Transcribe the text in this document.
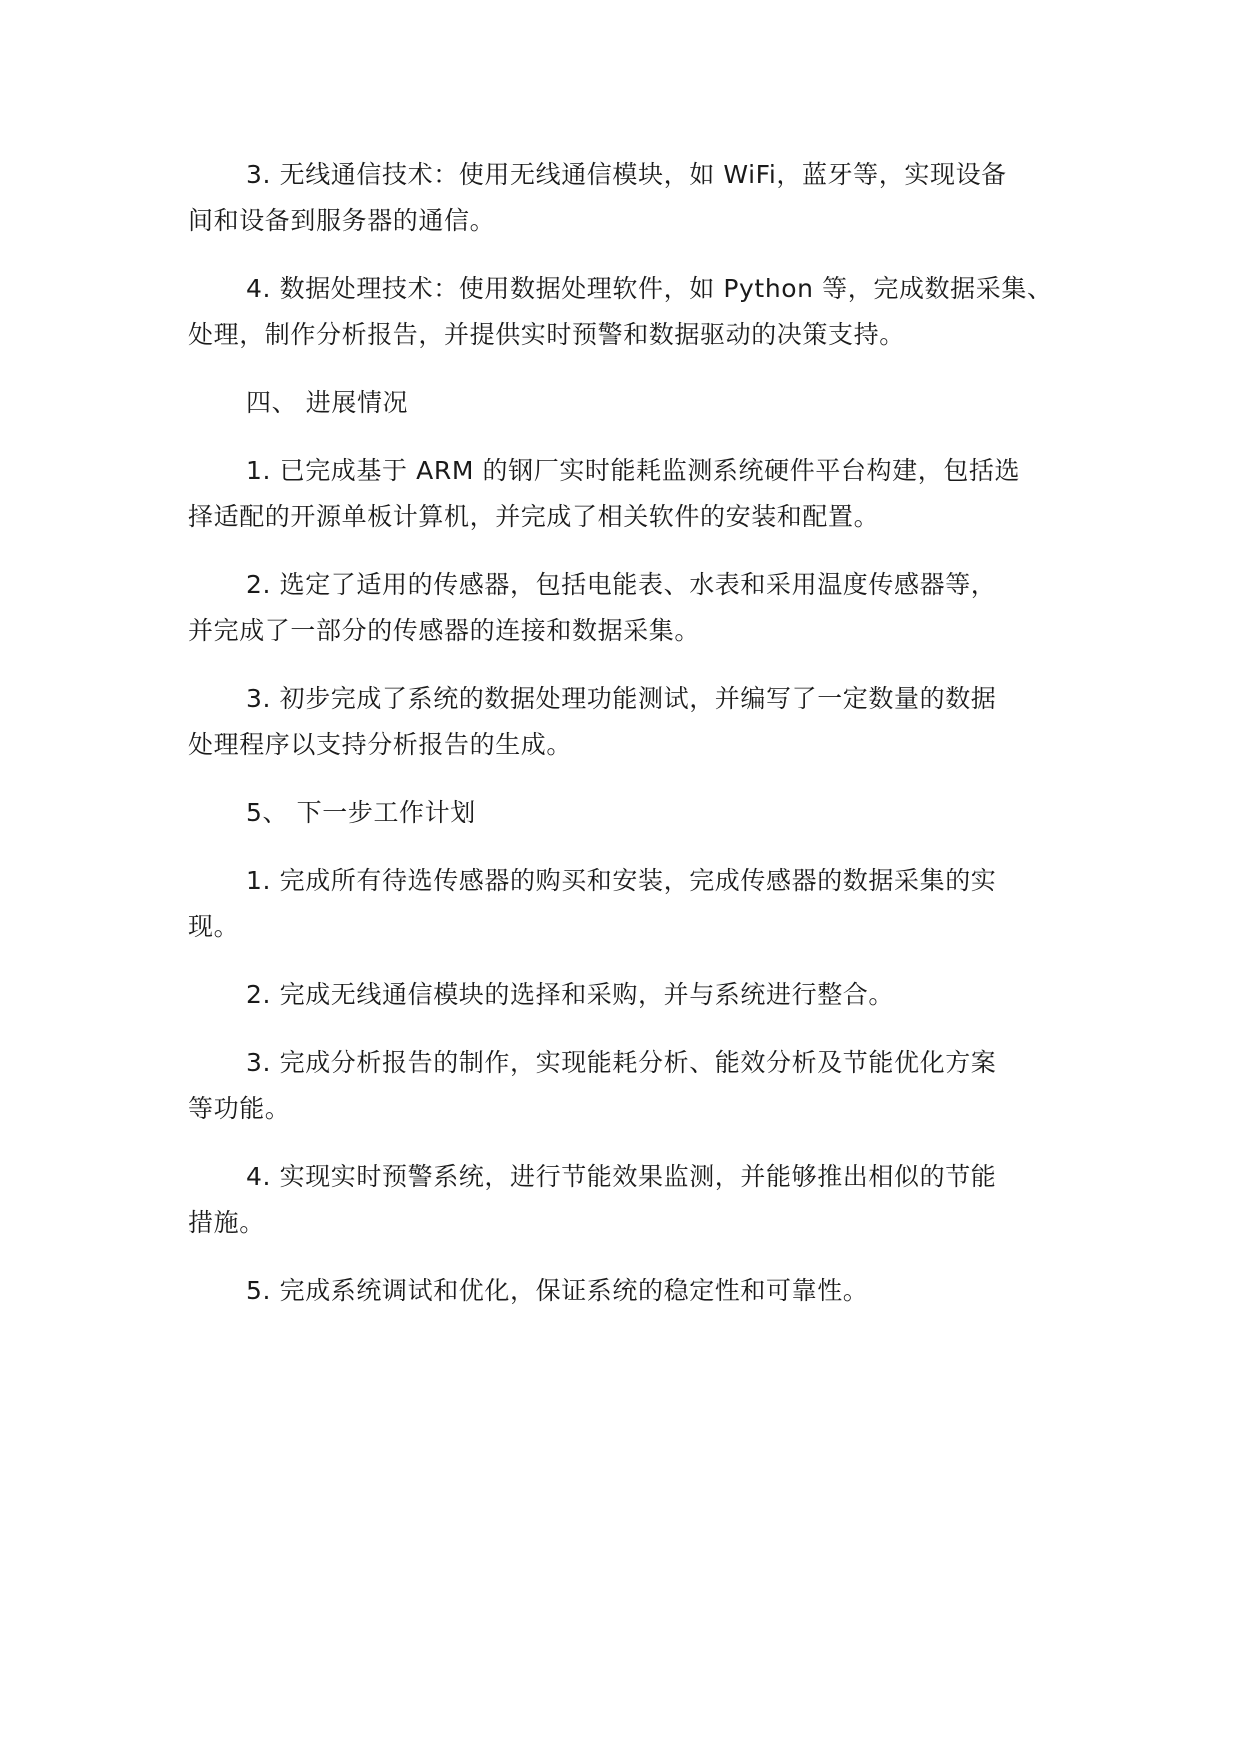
3. 无线通信技术：使用无线通信模块，如 WiFi，蓝牙等，实现设备
间和设备到服务器的通信。

4. 数据处理技术：使用数据处理软件，如 Python 等，完成数据采集、
处理，制作分析报告，并提供实时预警和数据驱动的决策支持。

四、 进展情况

1. 已完成基于 ARM 的钢厂实时能耗监测系统硬件平台构建，包括选
择适配的开源单板计算机，并完成了相关软件的安装和配置。

2. 选定了适用的传感器，包括电能表、水表和采用温度传感器等，
并完成了一部分的传感器的连接和数据采集。

3. 初步完成了系统的数据处理功能测试，并编写了一定数量的数据
处理程序以支持分析报告的生成。

5、 下一步工作计划

1. 完成所有待选传感器的购买和安装，完成传感器的数据采集的实
现。

2. 完成无线通信模块的选择和采购，并与系统进行整合。

3. 完成分析报告的制作，实现能耗分析、能效分析及节能优化方案
等功能。

4. 实现实时预警系统，进行节能效果监测，并能够推出相似的节能
措施。

5. 完成系统调试和优化，保证系统的稳定性和可靠性。
